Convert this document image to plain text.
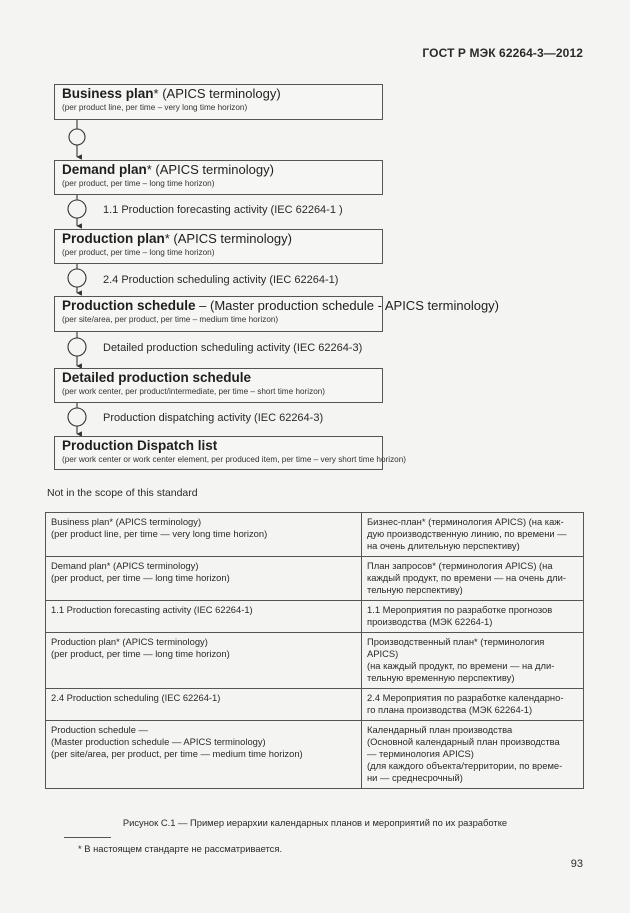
ГОСТ Р МЭК 62264-3—2012
Business plan* (APICS terminology)
(per product line, per time – very long time horizon)
Demand plan* (APICS terminology)
(per product, per time – long time horizon)
1.1 Production forecasting activity (IEC 62264-1 )
Production plan* (APICS terminology)
(per product, per time – long time horizon)
2.4 Production scheduling activity (IEC 62264-1)
Production schedule – (Master production schedule - APICS terminology)
(per site/area, per product, per time – medium time horizon)
Detailed production scheduling activity (IEC 62264-3)
Detailed production schedule
(per work center, per product/intermediate, per time – short time horizon)
Production dispatching activity (IEC 62264-3)
Production Dispatch list
(per work center or work center element, per produced item, per time – very short time horizon)
Not in the scope of this standard
Business plan* (APICS terminology)
(per product line, per time — very long time horizon)	Бизнес-план* (терминология APICS) (на каж-
дую производственную линию, по времени —
на очень длительную перспективу)

Demand plan* (APICS terminology)
(per product, per time — long time horizon)	План запросов* (терминология APICS) (на
каждый продукт, по времени — на очень дли-
тельную перспективу)

1.1 Production forecasting activity (IEC 62264-1)	1.1 Мероприятия по разработке прогнозов
производства (МЭК 62264-1)

Production plan* (APICS terminology)
(per product, per time — long time horizon)	Производственный план* (терминология
APICS)
(на каждый продукт, по времени — на дли-
тельную временную перспективу)

2.4 Production scheduling (IEC 62264-1)	2.4 Мероприятия по разработке календарно-
го плана производства (МЭК 62264-1)

Production schedule —
(Master production schedule — APICS terminology)
(per site/area, per product, per time — medium time horizon)	Календарный план производства
(Основной календарный план производства
— терминология APICS)
(для каждого объекта/территории, по време-
ни — среднесрочный)
Рисунок С.1 — Пример иерархии календарных планов и мероприятий по их разработке
* В настоящем стандарте не рассматривается.
93
